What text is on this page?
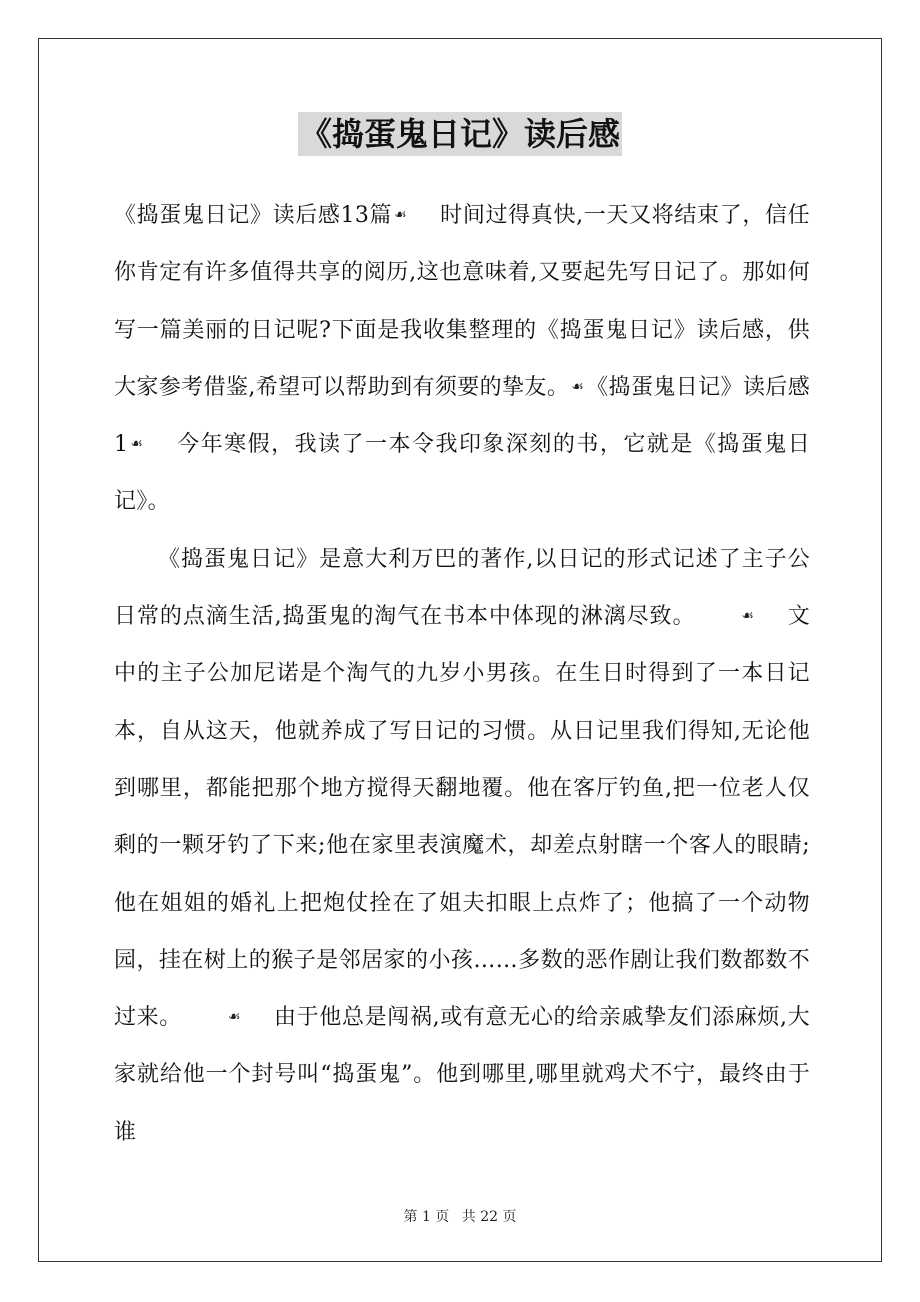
《捣蛋鬼日记》读后感

《捣蛋鬼日记》读后感13篇 ☙ 时间过得真快,一天又将结束了，信任你肯定有许多值得共享的阅历,这也意味着,又要起先写日记了。那如何写一篇美丽的日记呢?下面是我收集整理的《捣蛋鬼日记》读后感，供大家参考借鉴,希望可以帮助到有须要的挚友。 ☙《捣蛋鬼日记》读后感1 ☙ 今年寒假，我读了一本令我印象深刻的书，它就是《捣蛋鬼日记》。

《捣蛋鬼日记》是意大利万巴的著作,以日记的形式记述了主子公日常的点滴生活,捣蛋鬼的淘气在书本中体现的淋漓尽致。	☙ 文中的主子公加尼诺是个淘气的九岁小男孩。在生日时得到了一本日记本，自从这天，他就养成了写日记的习惯。从日记里我们得知,无论他到哪里，都能把那个地方搅得天翻地覆。他在客厅钓鱼,把一位老人仅剩的一颗牙钓了下来;他在家里表演魔术，却差点射瞎一个客人的眼睛;他在姐姐的婚礼上把炮仗拴在了姐夫扣眼上点炸了；他搞了一个动物园，挂在树上的猴子是邻居家的小孩……多数的恶作剧让我们数都数不过来。	☙ 由于他总是闯祸,或有意无心的给亲戚挚友们添麻烦,大家就给他一个封号叫“捣蛋鬼”。他到哪里,哪里就鸡犬不宁，最终由于谁

第 1 页 共 22 页
